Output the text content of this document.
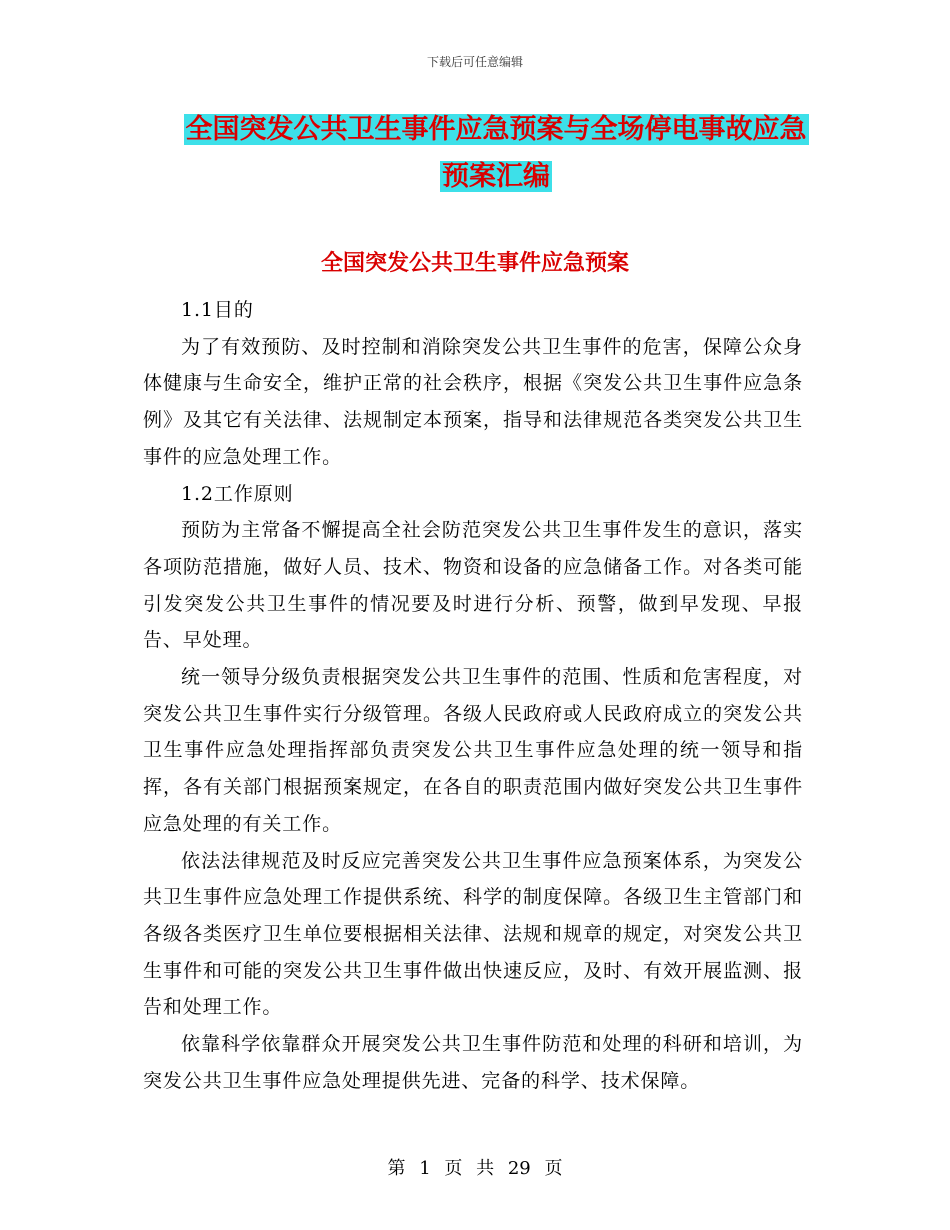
下载后可任意编辑
全国突发公共卫生事件应急预案与全场停电事故应急
预案汇编
全国突发公共卫生事件应急预案

1.1目的

为了有效预防、及时控制和消除突发公共卫生事件的危害，保障公众身体健康与生命安全，维护正常的社会秩序，根据《突发公共卫生事件应急条例》及其它有关法律、法规制定本预案，指导和法律规范各类突发公共卫生事件的应急处理工作。

1.2工作原则

预防为主常备不懈提高全社会防范突发公共卫生事件发生的意识，落实各项防范措施，做好人员、技术、物资和设备的应急储备工作。对各类可能引发突发公共卫生事件的情况要及时进行分析、预警，做到早发现、早报告、早处理。

统一领导分级负责根据突发公共卫生事件的范围、性质和危害程度，对突发公共卫生事件实行分级管理。各级人民政府或人民政府成立的突发公共卫生事件应急处理指挥部负责突发公共卫生事件应急处理的统一领导和指挥，各有关部门根据预案规定，在各自的职责范围内做好突发公共卫生事件应急处理的有关工作。

依法法律规范及时反应完善突发公共卫生事件应急预案体系，为突发公共卫生事件应急处理工作提供系统、科学的制度保障。各级卫生主管部门和各级各类医疗卫生单位要根据相关法律、法规和规章的规定，对突发公共卫生事件和可能的突发公共卫生事件做出快速反应，及时、有效开展监测、报告和处理工作。

依靠科学依靠群众开展突发公共卫生事件防范和处理的科研和培训，为突发公共卫生事件应急处理提供先进、完备的科学、技术保障。

第 1 页 共 29 页
